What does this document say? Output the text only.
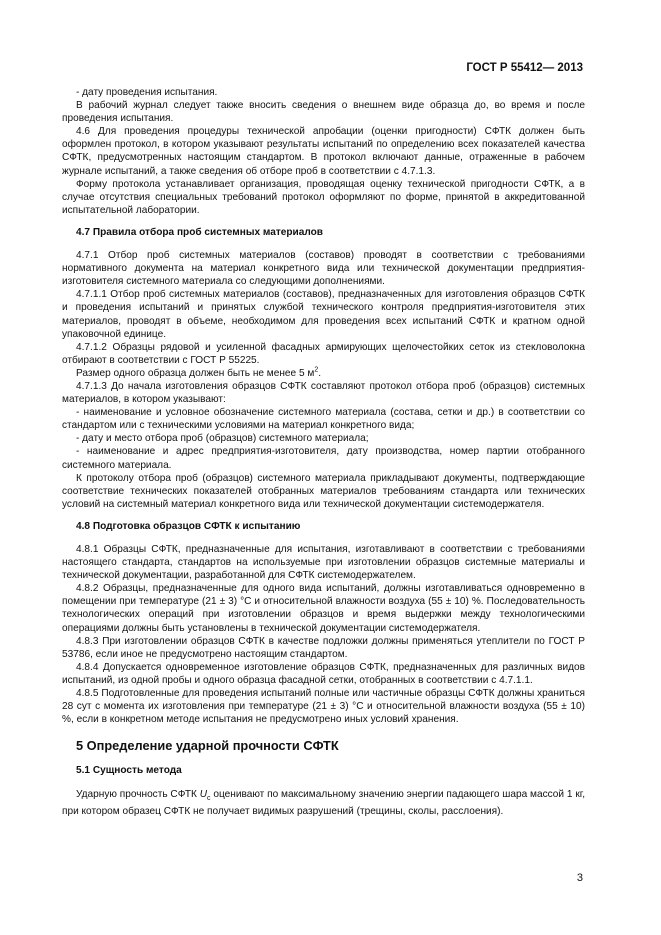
ГОСТ Р 55412— 2013

- дату проведения испытания.

В рабочий журнал следует также вносить сведения о внешнем виде образца до, во время и после проведения испытания.

4.6 Для проведения процедуры технической апробации (оценки пригодности) СФТК должен быть оформлен протокол, в котором указывают результаты испытаний по определению всех показателей качества СФТК, предусмотренных настоящим стандартом. В протокол включают данные, отраженные в рабочем журнале испытаний, а также сведения об отборе проб в соответствии с 4.7.1.3.

Форму протокола устанавливает организация, проводящая оценку технической пригодности СФТК, а в случае отсутствия специальных требований протокол оформляют по форме, принятой в аккредитованной испытательной лаборатории.

4.7 Правила отбора проб системных материалов

4.7.1 Отбор проб системных материалов (составов) проводят в соответствии с требованиями нормативного документа на материал конкретного вида или технической документации предприятия-изготовителя системного материала со следующими дополнениями.

4.7.1.1 Отбор проб системных материалов (составов), предназначенных для изготовления образцов СФТК и проведения испытаний и принятых службой технического контроля предприятия-изготовителя этих материалов, проводят в объеме, необходимом для проведения всех испытаний СФТК и кратном одной упаковочной единице.

4.7.1.2 Образцы рядовой и усиленной фасадных армирующих щелочестойких сеток из стекловолокна отбирают в соответствии с ГОСТ Р 55225.

Размер одного образца должен быть не менее 5 $м^2$.

4.7.1.3 До начала изготовления образцов СФТК составляют протокол отбора проб (образцов) системных материалов, в котором указывают:

- наименование и условное обозначение системного материала (состава, сетки и др.) в соответствии со стандартом или с техническими условиями на материал конкретного вида;

- дату и место отбора проб (образцов) системного материала;

- наименование и адрес предприятия-изготовителя, дату производства, номер партии отобранного системного материала.

К протоколу отбора проб (образцов) системного материала прикладывают документы, подтверждающие соответствие технических показателей отобранных материалов требованиям стандарта или технических условий на системный материал конкретного вида или технической документации системодержателя.

4.8 Подготовка образцов СФТК к испытанию

4.8.1 Образцы СФТК, предназначенные для испытания, изготавливают в соответствии с требованиями настоящего стандарта, стандартов на используемые при изготовлении образцов системные материалы и технической документации, разработанной для СФТК системодержателем.

4.8.2 Образцы, предназначенные для одного вида испытаний, должны изготавливаться одновременно в помещении при температуре (21 ± 3) °С и относительной влажности воздуха (55 ± 10) %. Последовательность технологических операций при изготовлении образцов и время выдержки между технологическими операциями должны быть установлены в технической документации системодержателя.

4.8.3 При изготовлении образцов СФТК в качестве подложки должны применяться утеплители по ГОСТ Р 53786, если иное не предусмотрено настоящим стандартом.

4.8.4 Допускается одновременное изготовление образцов СФТК, предназначенных для различных видов испытаний, из одной пробы и одного образца фасадной сетки, отобранных в соответствии с 4.7.1.1.

4.8.5 Подготовленные для проведения испытаний полные или частичные образцы СФТК должны храниться 28 сут с момента их изготовления при температуре (21 ± 3) °С и относительной влажности воздуха (55 ± 10) %, если в конкретном методе испытания не предусмотрено иных условий хранения.

5 Определение ударной прочности СФТК
5.1 Сущность метода

Ударную прочность СФТК $U_c$ оценивают по максимальному значению энергии падающего шара массой 1 кг, при котором образец СФТК не получает видимых разрушений (трещины, сколы, расслоения).

3
